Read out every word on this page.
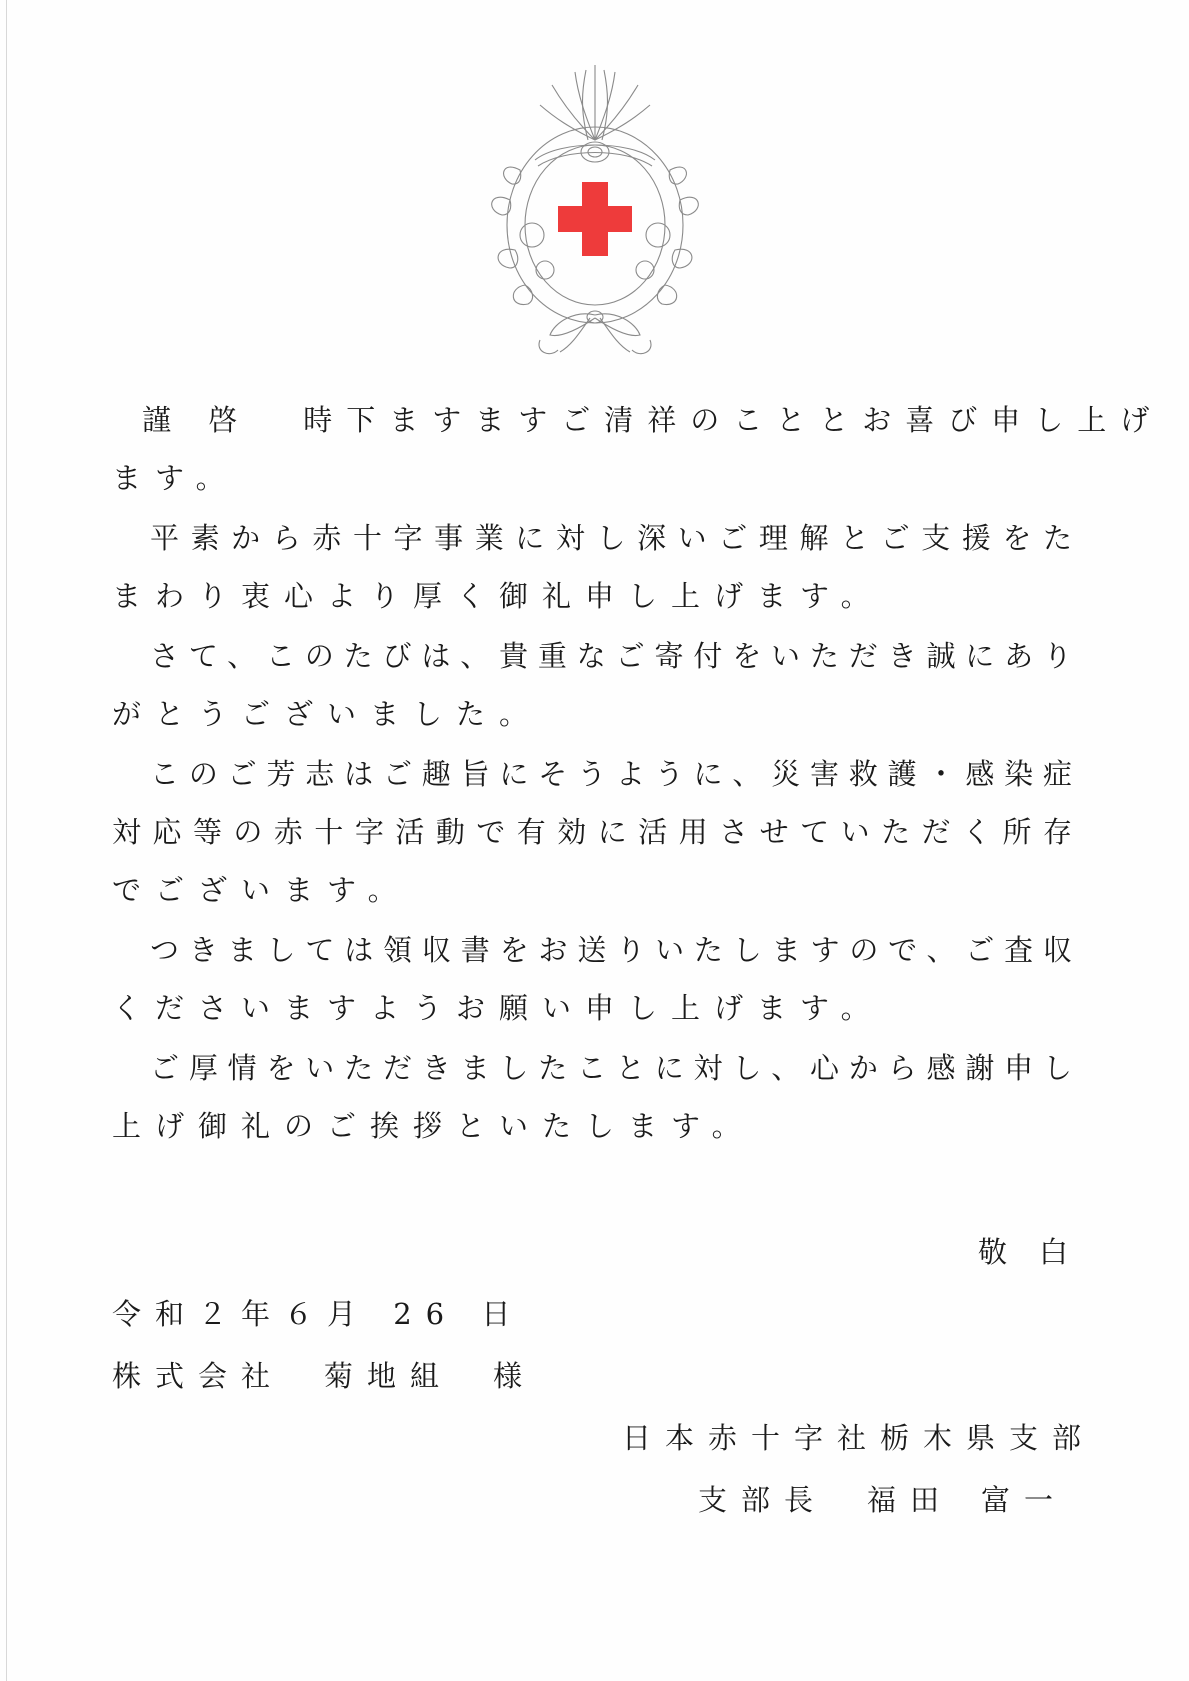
謹 啓 時下ますますご清祥のこととお喜び申し上げ
ます。
平素から赤十字事業に対し深いご理解とご支援をた
まわり衷心より厚く御礼申し上げます。
さて、このたびは、貴重なご寄付をいただき誠にあり
がとうございました。
このご芳志はご趣旨にそうように、災害救護・感染症
対応等の赤十字活動で有効に活用させていただく所存
でございます。
つきましては領収書をお送りいたしますので、ご査収
くださいますようお願い申し上げます。
ご厚情をいただきましたことに対し、心から感謝申し
上げ御礼のご挨拶といたします。
敬白
令和２年６月 26 日
株式会社 菊地組 様
日本赤十字社栃木県支部
支部長 福田 富一
